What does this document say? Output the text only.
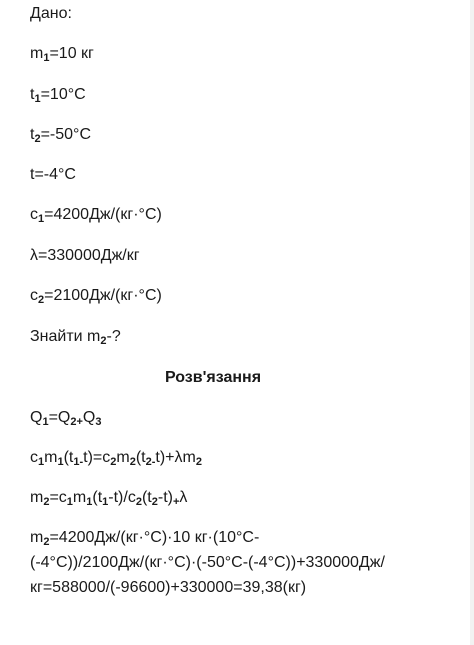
Дано:
$m_1=10$ кг
$t_1=10^\circ C$
$t_2=-50^\circ C$
t=-4°C
$c_1=4200Дж/(кг\cdot^\circ C)$
λ=330000Дж/кг
$c_2=2100Дж/(кг\cdot^\circ C)$
Знайти $m_2-$?
Розв'язання
$Q_1=Q_{2+}Q_3$
$c_1m_1(t_{1-}t)=c_2m_2(t_{2-}t)+\lambda m_2$
$m_2=c_1m_1(t_1-t)/c_2(t_2-t)_+\lambda$
$m_2=4200Дж/(кг\cdot^\circ C)\cdot 10$ кг·(10°C-
(-4°C))/2100Дж/(кг·°C)·(-50°C-(-4°C))+330000Дж/
кг=588000/(-96600)+330000=39,38(кг)
